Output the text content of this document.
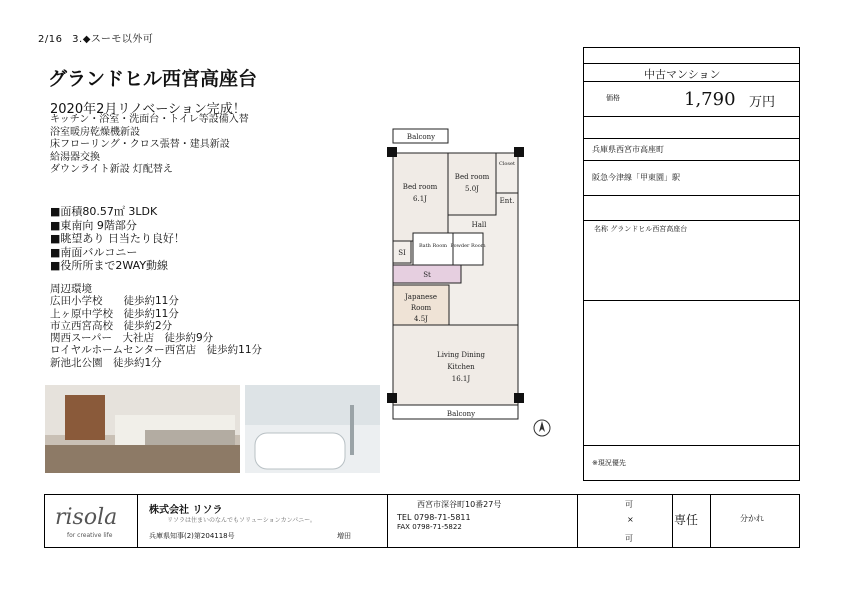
2/16 3.◆スーモ以外可
グランドヒル西宮高座台
2020年2月リノベーション完成！
キッチン・浴室・洗面台・トイレ等設備入替
浴室暖房乾燥機新設
床フローリング・クロス張替・建具新設
給湯器交換
ダウンライト新設 灯配替え
■面積80.57㎡ 3LDK
■東南向 9階部分
■眺望あり 日当たり良好！
■南面バルコニー
■役所所まで2WAY動線
周辺環境
広田小学校　　徒歩約11分
上ヶ原中学校　徒歩約11分
市立西宮高校　徒歩約2分
関西スーパー　大社店　徒歩約9分
ロイヤルホームセンター西宮店　徒歩約11分
新池北公園　徒歩約1分
Balcony
Bed room
6.1J
Bed room
5.0J
Closet
Ent.
Hall
SI
Bath Room Powder Room
St
Japanese
Room
4.5J
Living Dining
Kitchen
16.1J
Balcony
中古マンション
価格	1,790 万円
兵庫県西宮市高座町
阪急今津線「甲東園」駅
名称 グランドヒル西宮高座台
※現況優先
risola
for creative life
株式会社 リソラ
リソラは住まいのなんでもソリューションカンパニー。
兵庫県知事(2)第204118号	増田
西宮市深谷町10番27号
TEL 0798-71-5811
FAX 0798-71-5822
可
×
可
専任	分かれ
